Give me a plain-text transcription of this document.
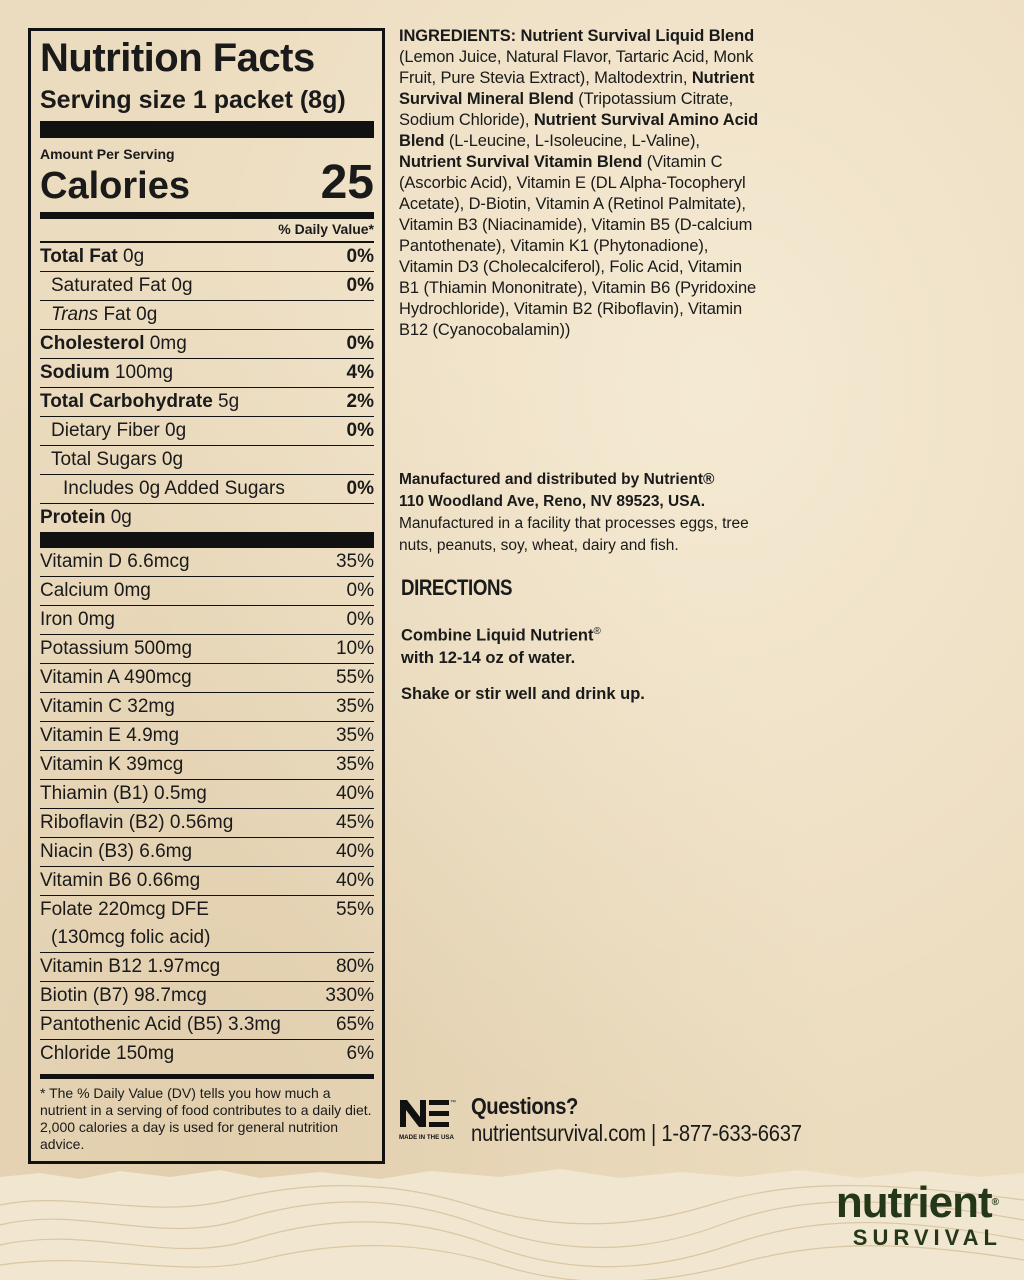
Nutrition Facts
Serving size 1 packet (8g)
Amount Per Serving
Calories	25
% Daily Value*
Total Fat 0g	0%
Saturated Fat 0g	0%
Trans Fat 0g
Cholesterol 0mg	0%
Sodium 100mg	4%
Total Carbohydrate 5g	2%
Dietary Fiber 0g	0%
Total Sugars 0g
Includes 0g Added Sugars	0%
Protein 0g
Vitamin D 6.6mcg	35%
Calcium 0mg	0%
Iron 0mg	0%
Potassium 500mg	10%
Vitamin A 490mcg	55%
Vitamin C 32mg	35%
Vitamin E 4.9mg	35%
Vitamin K 39mcg	35%
Thiamin (B1) 0.5mg	40%
Riboflavin (B2) 0.56mg	45%
Niacin (B3) 6.6mg	40%
Vitamin B6 0.66mg	40%
Folate 220mcg DFE	55%
(130mcg folic acid)
Vitamin B12 1.97mcg	80%
Biotin (B7) 98.7mcg	330%
Pantothenic Acid (B5) 3.3mg	65%
Chloride 150mg	6%
* The % Daily Value (DV) tells you how much a nutrient in a serving of food contributes to a daily diet. 2,000 calories a day is used for general nutrition advice.
INGREDIENTS: Nutrient Survival Liquid Blend (Lemon Juice, Natural Flavor, Tartaric Acid, Monk Fruit, Pure Stevia Extract), Maltodextrin, Nutrient Survival Mineral Blend (Tripotassium Citrate, Sodium Chloride), Nutrient Survival Amino Acid Blend (L-Leucine, L-Isoleucine, L-Valine), Nutrient Survival Vitamin Blend (Vitamin C (Ascorbic Acid), Vitamin E (DL Alpha-Tocopheryl Acetate), D-Biotin, Vitamin A (Retinol Palmitate), Vitamin B3 (Niacinamide), Vitamin B5 (D-calcium Pantothenate), Vitamin K1 (Phytonadione), Vitamin D3 (Cholecalciferol), Folic Acid, Vitamin B1 (Thiamin Mononitrate), Vitamin B6 (Pyridoxine Hydrochloride), Vitamin B2 (Riboflavin), Vitamin B12 (Cyanocobalamin))
Manufactured and distributed by Nutrient®
110 Woodland Ave, Reno, NV 89523, USA.
Manufactured in a facility that processes eggs, tree nuts, peanuts, soy, wheat, dairy and fish.
DIRECTIONS
Combine Liquid Nutrient®
with 12-14 oz of water.
Shake or stir well and drink up.
™
MADE IN THE USA
Questions?
nutrientsurvival.com | 1-877-633-6637
nutrient®
SURVIVAL
